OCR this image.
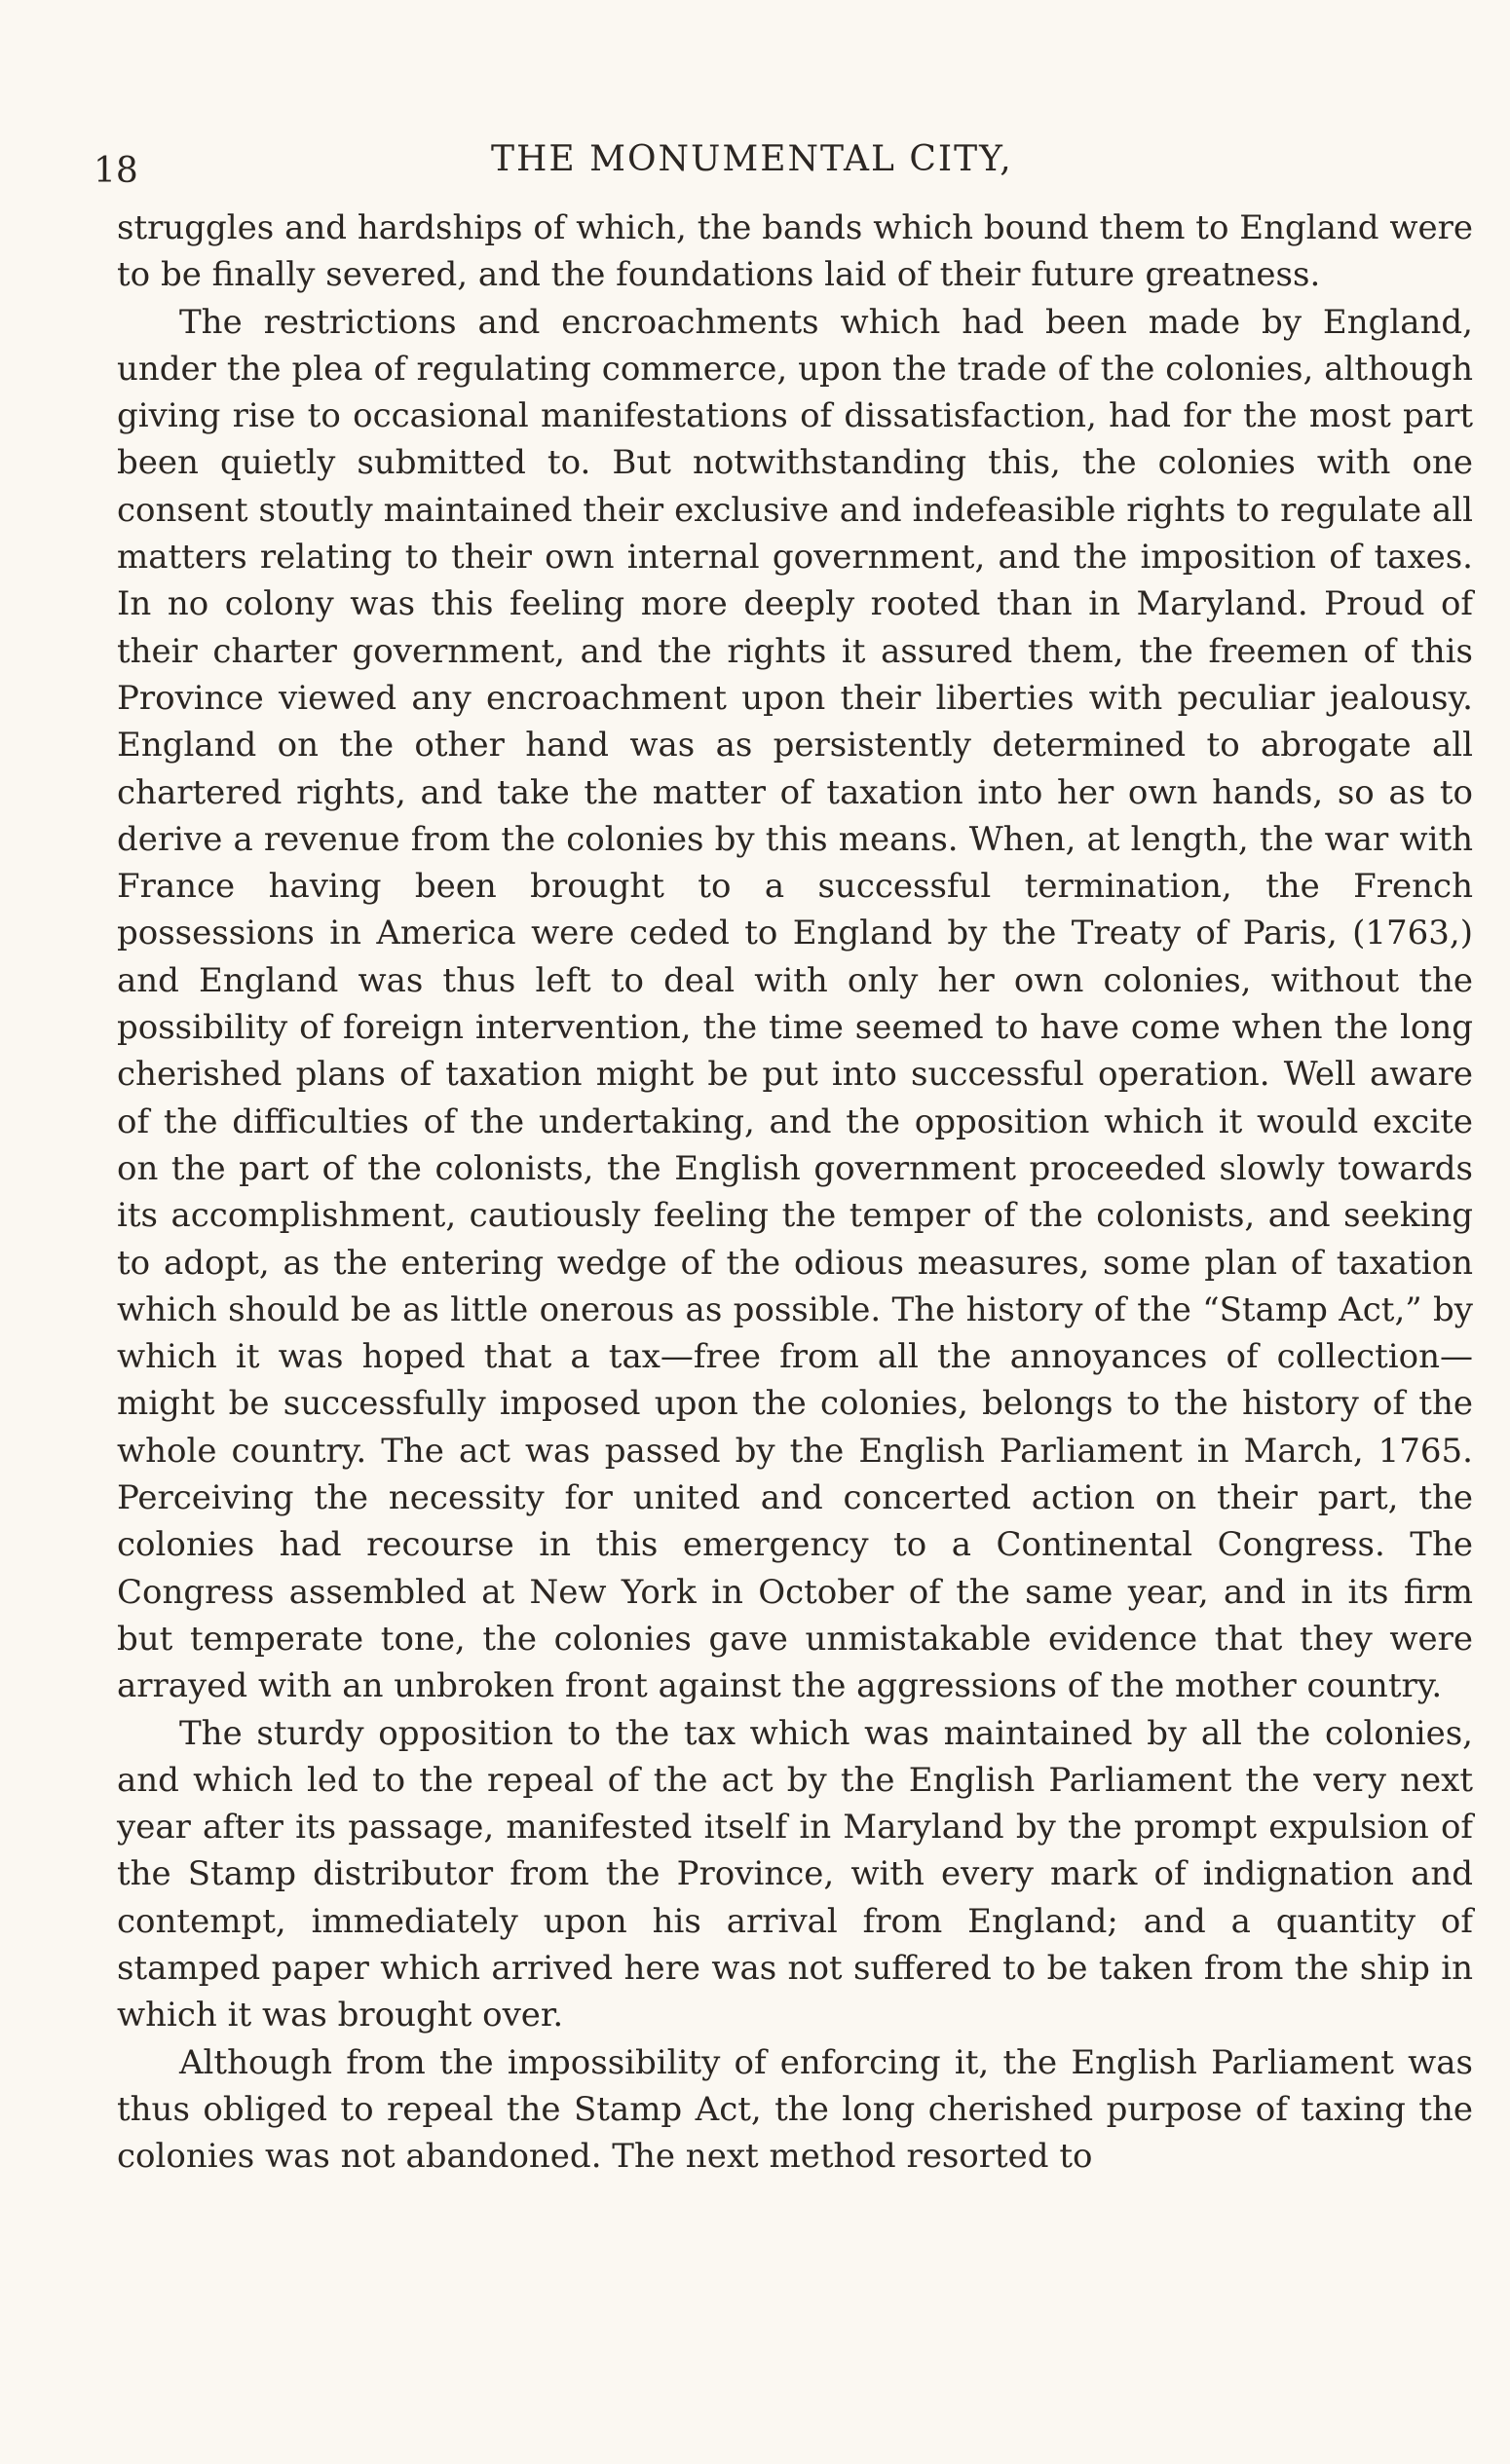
18	THE MONUMENTAL CITY,

struggles and hardships of which, the bands which bound them to England were to be finally severed, and the foundations laid of their future greatness.

The restrictions and encroachments which had been made by England, under the plea of regulating commerce, upon the trade of the colonies, although giving rise to occasional manifestations of dissatisfaction, had for the most part been quietly submitted to. But notwithstanding this, the colonies with one consent stoutly maintained their exclusive and indefeasible rights to regulate all matters relating to their own internal government, and the imposition of taxes. In no colony was this feeling more deeply rooted than in Maryland. Proud of their charter government, and the rights it assured them, the freemen of this Province viewed any encroachment upon their liberties with peculiar jealousy. England on the other hand was as persistently determined to abrogate all chartered rights, and take the matter of taxation into her own hands, so as to derive a revenue from the colonies by this means. When, at length, the war with France having been brought to a successful termination, the French possessions in America were ceded to England by the Treaty of Paris, (1763,) and England was thus left to deal with only her own colonies, without the possibility of foreign intervention, the time seemed to have come when the long cherished plans of taxation might be put into successful operation. Well aware of the difficulties of the undertaking, and the opposition which it would excite on the part of the colonists, the English government proceeded slowly towards its accomplishment, cautiously feeling the temper of the colonists, and seeking to adopt, as the entering wedge of the odious measures, some plan of taxation which should be as little onerous as possible. The history of the “Stamp Act,” by which it was hoped that a tax—free from all the annoyances of collection—might be successfully imposed upon the colonies, belongs to the history of the whole country. The act was passed by the English Parliament in March, 1765. Perceiving the necessity for united and concerted action on their part, the colonies had recourse in this emergency to a Continental Congress. The Congress assembled at New York in October of the same year, and in its firm but temperate tone, the colonies gave unmistakable evidence that they were arrayed with an unbroken front against the aggressions of the mother country.

The sturdy opposition to the tax which was maintained by all the colonies, and which led to the repeal of the act by the English Parliament the very next year after its passage, manifested itself in Maryland by the prompt expulsion of the Stamp distributor from the Province, with every mark of indignation and contempt, immediately upon his arrival from England; and a quantity of stamped paper which arrived here was not suffered to be taken from the ship in which it was brought over.

Although from the impossibility of enforcing it, the English Parliament was thus obliged to repeal the Stamp Act, the long cherished purpose of taxing the colonies was not abandoned. The next method resorted to
